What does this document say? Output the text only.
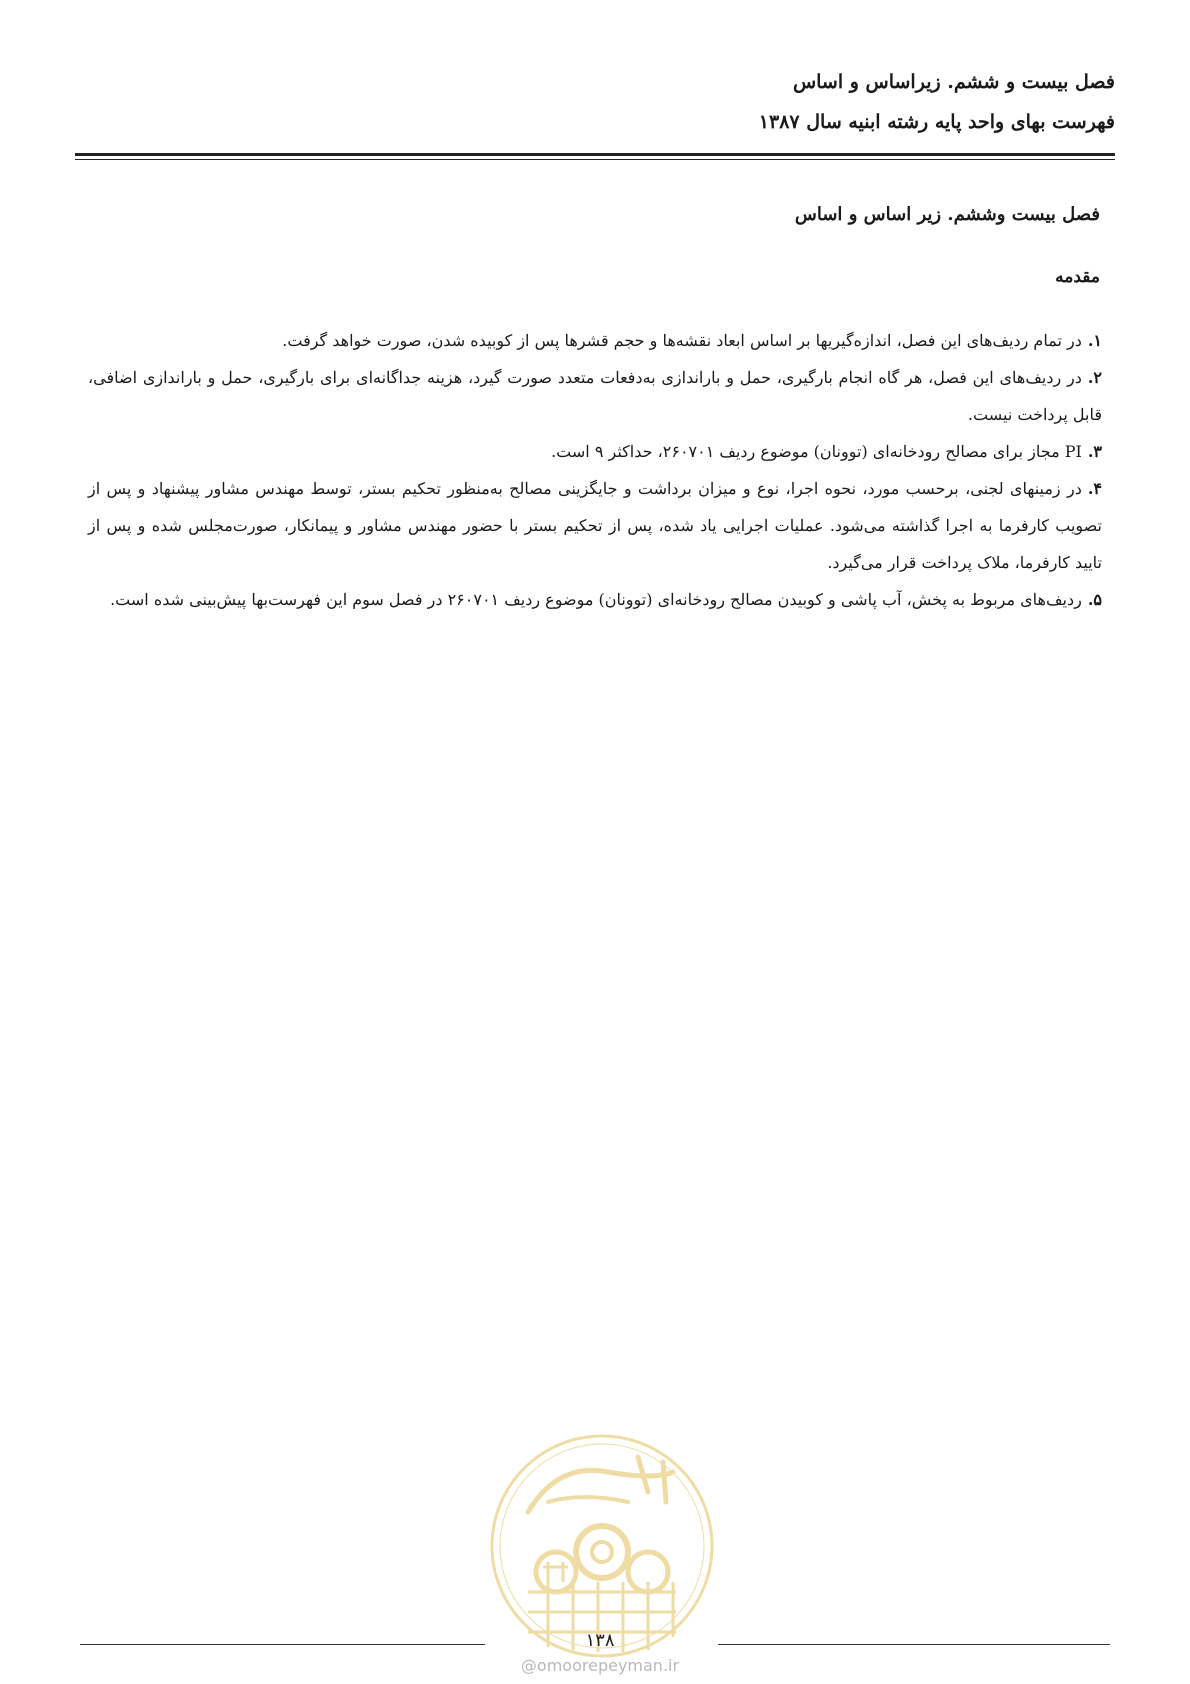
فصل بیست و ششم. زیراساس و اساس

فهرست بهای واحد پایه رشته ابنیه سال ۱۳۸۷

فصل بیست وششم. زیر اساس و اساس

مقدمه

۱.در تمام ردیف‌های این فصل، اندازه‌گیریها بر اساس ابعاد نقشه‌ها و حجم قشرها پس از کوبیده شدن، صورت خواهد گرفت.

۲.در ردیف‌های این فصل، هر گاه انجام بارگیری، حمل و باراندازی به‌دفعات متعدد صورت گیرد، هزینه جداگانه‌ای برای بارگیری، حمل و باراندازی اضافی، قابل پرداخت نیست.

۳.PI مجاز برای مصالح رودخانه‌ای (توونان) موضوع ردیف ۲۶۰۷۰۱، حداکثر ۹ است.

۴.در زمینهای لجنی، برحسب مورد، نحوه اجرا، نوع و میزان برداشت و جایگزینی مصالح به‌منظور تحکیم بستر، توسط مهندس مشاور پیشنهاد و پس از تصویب کارفرما به اجرا گذاشته می‌شود. عملیات اجرایی یاد شده، پس از تحکیم بستر با حضور مهندس مشاور و پیمانکار، صورت‌مجلس شده و پس از تایید کارفرما، ملاک پرداخت قرار می‌گیرد.

۵.ردیف‌های مربوط به پخش، آب پاشی و کوبیدن مصالح رودخانه‌ای (توونان) موضوع ردیف ۲۶۰۷۰۱ در فصل سوم این فهرست‌بها پیش‌بینی شده است.

۱۳۸
@omoorepeyman.ir
